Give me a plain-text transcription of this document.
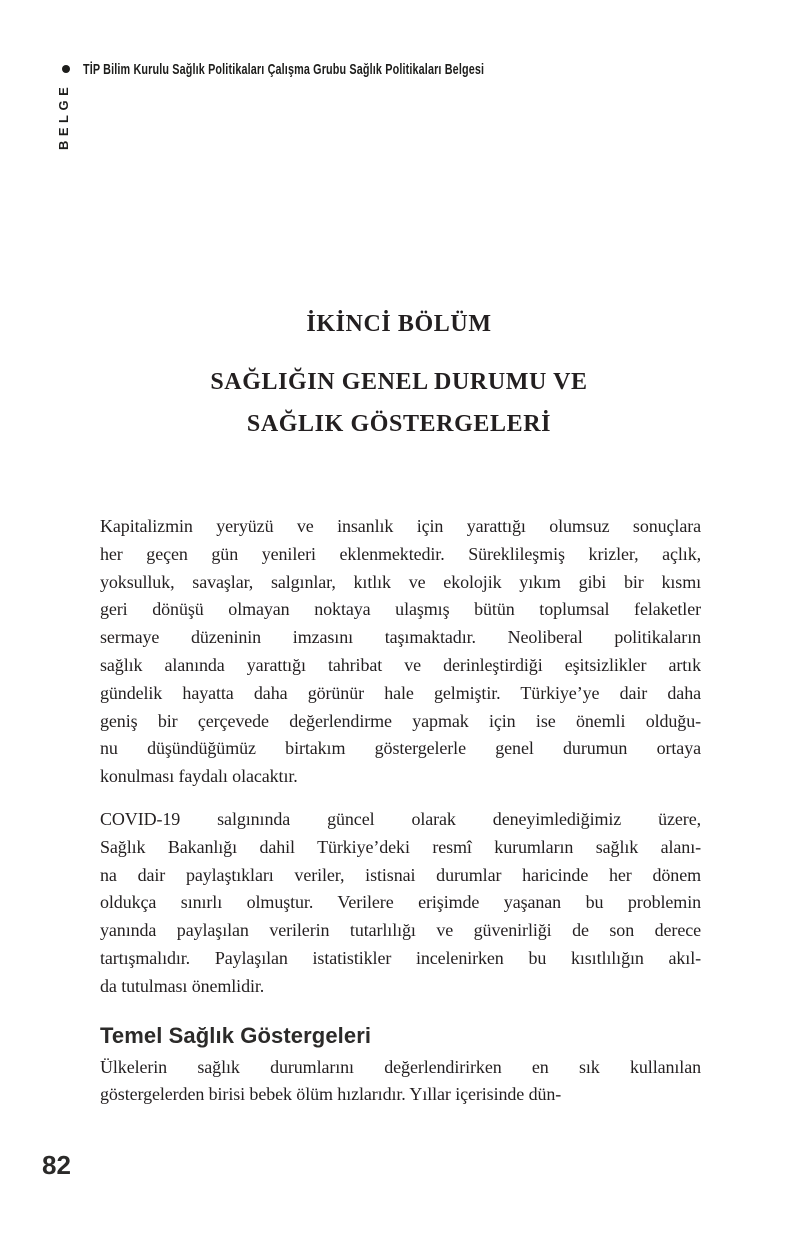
TİP Bilim Kurulu Sağlık Politikaları Çalışma Grubu Sağlık Politikaları Belgesi
BELGE
İKİNCİ BÖLÜM
SAĞLIĞIN GENEL DURUMU VE
SAĞLIK GÖSTERGELERİ
Kapitalizmin yeryüzü ve insanlık için yarattığı olumsuz sonuçlara
her geçen gün yenileri eklenmektedir. Süreklileşmiş krizler, açlık,
yoksulluk, savaşlar, salgınlar, kıtlık ve ekolojik yıkım gibi bir kısmı
geri dönüşü olmayan noktaya ulaşmış bütün toplumsal felaketler
sermaye düzeninin imzasını taşımaktadır. Neoliberal politikaların
sağlık alanında yarattığı tahribat ve derinleştirdiği eşitsizlikler artık
gündelik hayatta daha görünür hale gelmiştir. Türkiye’ye dair daha
geniş bir çerçevede değerlendirme yapmak için ise önemli olduğu-
nu düşündüğümüz birtakım göstergelerle genel durumun ortaya
konulması faydalı olacaktır.
COVID-19 salgınında güncel olarak deneyimlediğimiz üzere,
Sağlık Bakanlığı dahil Türkiye’deki resmî kurumların sağlık alanı-
na dair paylaştıkları veriler, istisnai durumlar haricinde her dönem
oldukça sınırlı olmuştur. Verilere erişimde yaşanan bu problemin
yanında paylaşılan verilerin tutarlılığı ve güvenirliği de son derece
tartışmalıdır. Paylaşılan istatistikler incelenirken bu kısıtlılığın akıl-
da tutulması önemlidir.
Temel Sağlık Göstergeleri
Ülkelerin sağlık durumlarını değerlendirirken en sık kullanılan
göstergelerden birisi bebek ölüm hızlarıdır. Yıllar içerisinde dün-
82
